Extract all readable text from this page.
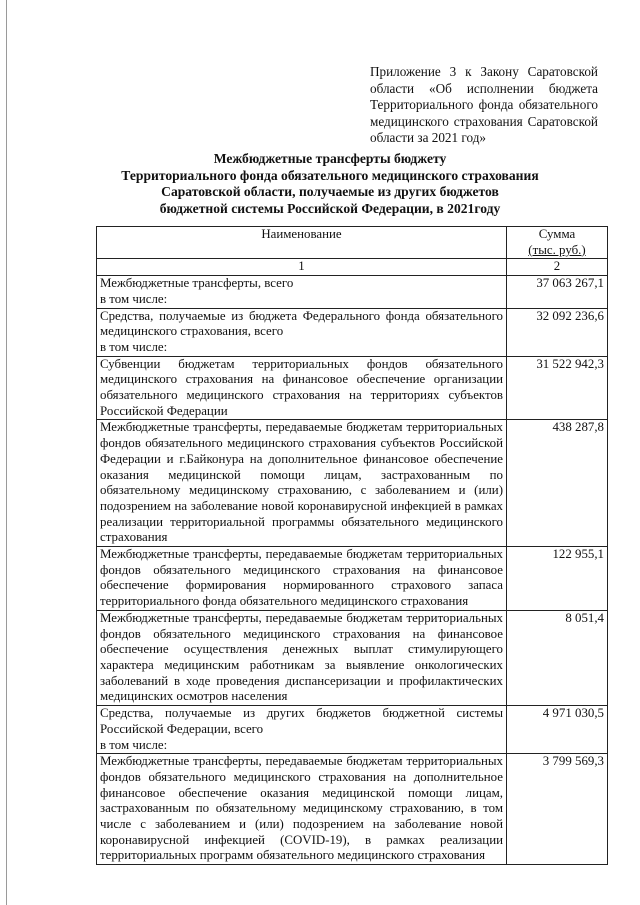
Приложение 3 к Закону Саратовской области «Об исполнении бюджета Территориального фонда обязательного медицинского страхования Саратовской области за 2021 год»
Межбюджетные трансферты бюджету
Территориального фонда обязательного медицинского страхования
Саратовской области, получаемые из других бюджетов
бюджетной системы Российской Федерации, в 2021году
Наименование	Сумма
(тыс. руб.)

1	2

Межбюджетные трансферты, всего
в том числе:	37 063 267,1

Средства, получаемые из бюджета Федерального фонда обязательного медицинского страхования, всего
в том числе:	32 092 236,6

Субвенции бюджетам территориальных фондов обязательного медицинского страхования на финансовое обеспечение организации обязательного медицинского страхования на территориях субъектов Российской Федерации	31 522 942,3

Межбюджетные трансферты, передаваемые бюджетам территориальных фондов обязательного медицинского страхования субъектов Российской Федерации и г.Байконура на дополнительное финансовое обеспечение оказания медицинской помощи лицам, застрахованным по обязательному медицинскому страхованию, с заболеванием и (или) подозрением на заболевание новой коронавирусной инфекцией в рамках реализации территориальной программы обязательного медицинского страхования	438 287,8

Межбюджетные трансферты, передаваемые бюджетам территориальных фондов обязательного медицинского страхования на финансовое обеспечение формирования нормированного страхового запаса территориального фонда обязательного медицинского страхования	122 955,1

Межбюджетные трансферты, передаваемые бюджетам территориальных фондов обязательного медицинского страхования на финансовое обеспечение осуществления денежных выплат стимулирующего характера медицинским работникам за выявление онкологических заболеваний в ходе проведения диспансеризации и профилактических медицинских осмотров населения	8 051,4

Средства, получаемые из других бюджетов бюджетной системы Российской Федерации, всего
в том числе:	4 971 030,5

Межбюджетные трансферты, передаваемые бюджетам территориальных фондов обязательного медицинского страхования на дополнительное финансовое обеспечение оказания медицинской помощи лицам, застрахованным по обязательному медицинскому страхованию, в том числе с заболеванием и (или) подозрением на заболевание новой коронавирусной инфекцией (COVID-19), в рамках реализации территориальных программ обязательного медицинского страхования	3 799 569,3
